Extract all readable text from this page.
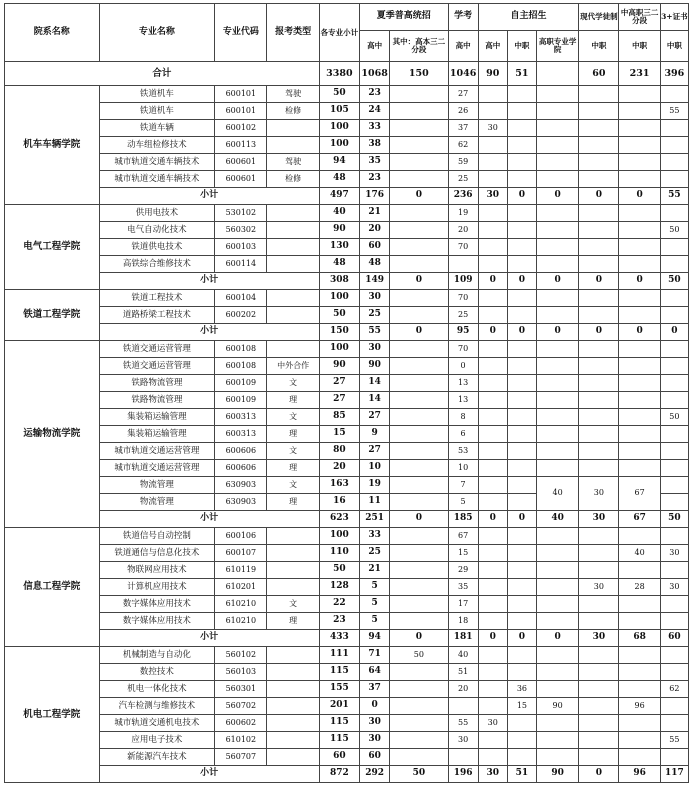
院系名称	专业名称	专业代码	报考类型	各专业小计	夏季普高统招		学考	自主招生			现代学徒制	中高职三二分段	3+证书
					高中	其中：高本三二分段	高中	高中	中职	高职专业学院	中职	中职	中职
合计				3380	1068	150	1046	90	51		60	231	396
机车车辆学院	铁道机车	600101	驾驶	50	23		27						
	铁道机车	600101	检修	105	24		26						55
	铁道车辆	600102		100	33		37	30					
	动车组检修技术	600113		100	38		62						
	城市轨道交通车辆技术	600601	驾驶	94	35		59						
	城市轨道交通车辆技术	600601	检修	48	23		25						
	小计			497	176	0	236	30	0	0	0	0	55
电气工程学院	供用电技术	530102		40	21		19						
	电气自动化技术	560302		90	20		20						50
	铁道供电技术	600103		130	60		70						
	高铁综合维修技术	600114		48	48								
	小计			308	149	0	109	0	0	0	0	0	50
铁道工程学院	铁道工程技术	600104		100	30		70						
	道路桥梁工程技术	600202		50	25		25						
	小计			150	55	0	95	0	0	0	0	0	0
运输物流学院	铁道交通运营管理	600108		100	30		70						
	铁道交通运营管理	600108	中外合作	90	90		0						
	铁路物流管理	600109	文	27	14		13						
	铁路物流管理	600109	理	27	14		13						
	集装箱运输管理	600313	文	85	27		8						50
	集装箱运输管理	600313	理	15	9		6						
	城市轨道交通运营管理	600606	文	80	27		53						
	城市轨道交通运营管理	600606	理	20	10		10						
	物流管理	630903	文	163	19		7			40	30	67	
	物流管理	630903	理	16	11		5						
	小计			623	251	0	185	0	0	40	30	67	50
信息工程学院	铁道信号自动控制	600106		100	33		67						
	铁道通信与信息化技术	600107		110	25		15					40	30
	物联网应用技术	610119		50	21		29						
	计算机应用技术	610201		128	5		35				30	28	30
	数字媒体应用技术	610210	文	22	5		17						
	数字媒体应用技术	610210	理	23	5		18						
	小计			433	94	0	181	0	0	0	30	68	60
机电工程学院	机械制造与自动化	560102		111	71	50	40						
	数控技术	560103		115	64		51						
	机电一体化技术	560301		155	37		20		36				62
	汽车检测与维修技术	560702		201	0				15	90		96	
	城市轨道交通机电技术	600602		115	30		55	30					
	应用电子技术	610102		115	30		30						55
	新能源汽车技术	560707		60	60								
	小计			872	292	50	196	30	51	90	0	96	117
